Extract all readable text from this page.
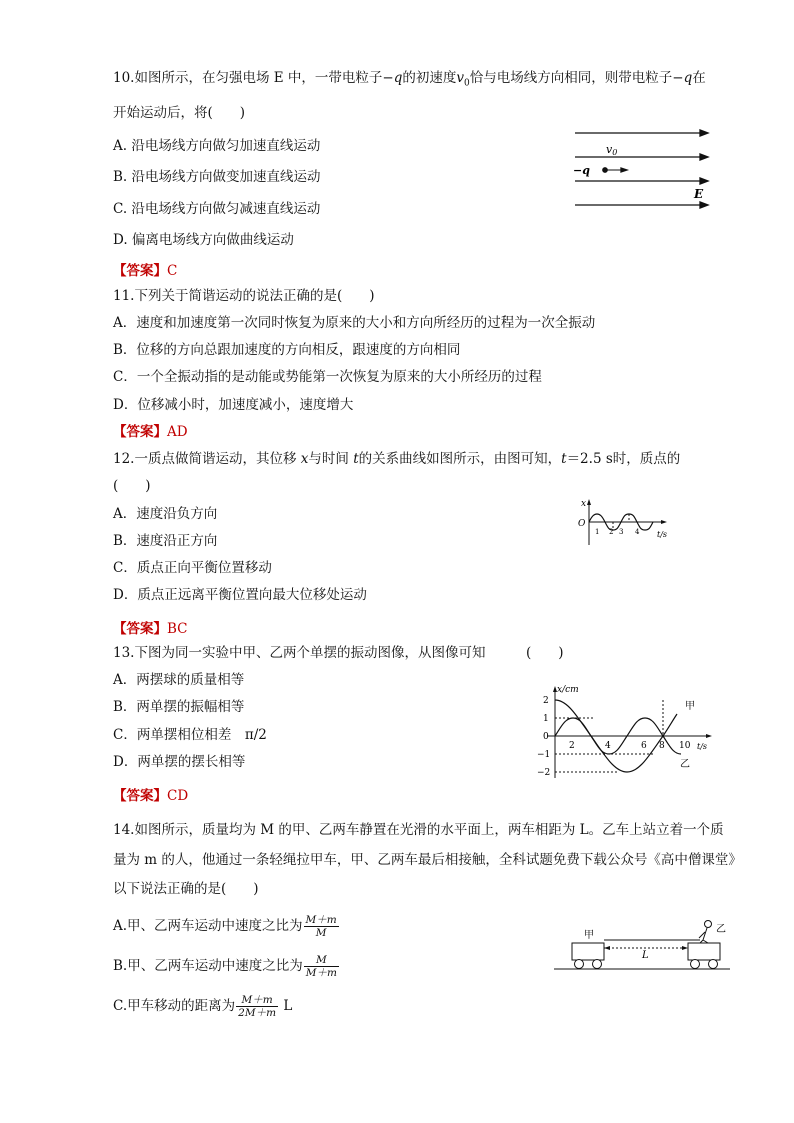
10.如图所示，在匀强电场 E 中，一带电粒子−q的初速度$v_0$恰与电场线方向相同，则带电粒子−q在
开始运动后，将(　　)
A. 沿电场线方向做匀加速直线运动
B. 沿电场线方向做变加速直线运动
C. 沿电场线方向做匀减速直线运动
D. 偏离电场线方向做曲线运动
【答案】C
v0
−q
E
11.下列关于简谐运动的说法正确的是(　　)
A．速度和加速度第一次同时恢复为原来的大小和方向所经历的过程为一次全振动
B．位移的方向总跟加速度的方向相反，跟速度的方向相同
C．一个全振动指的是动能或势能第一次恢复为原来的大小所经历的过程
D．位移减小时，加速度减小，速度增大
【答案】AD
12.一质点做简谐运动，其位移 x与时间 t的关系曲线如图所示，由图可知，t＝2.5 s时，质点的
(　　)
A．速度沿负方向
B．速度沿正方向
C．质点正向平衡位置移动
D．质点正远离平衡位置向最大位移处运动
【答案】BC
x
O
t/s
1 2 3 4
13.下图为同一实验中甲、乙两个单摆的振动图像，从图像可知　　　(　　)
A．两摆球的质量相等
B．两单摆的振幅相等
C．两单摆相位相差　π/2
D．两单摆的摆长相等
【答案】CD
x/cm
2
1
0
−1
−2
2	4	6 8 10 t/s
甲
乙
14.如图所示，质量均为 M 的甲、乙两车静置在光滑的水平面上，两车相距为 L。乙车上站立着一个质
量为 m 的人，他通过一条轻绳拉甲车，甲、乙两车最后相接触，全科试题免费下载公众号《高中僧课堂》
以下说法正确的是(　　)
A.甲、乙两车运动中速度之比为 $\frac{M+m}{M}$
B.甲、乙两车运动中速度之比为 $\frac{M}{M+m}$
C.甲车移动的距离为 $\frac{M+m}{2M+m}$ L
甲
乙
L
